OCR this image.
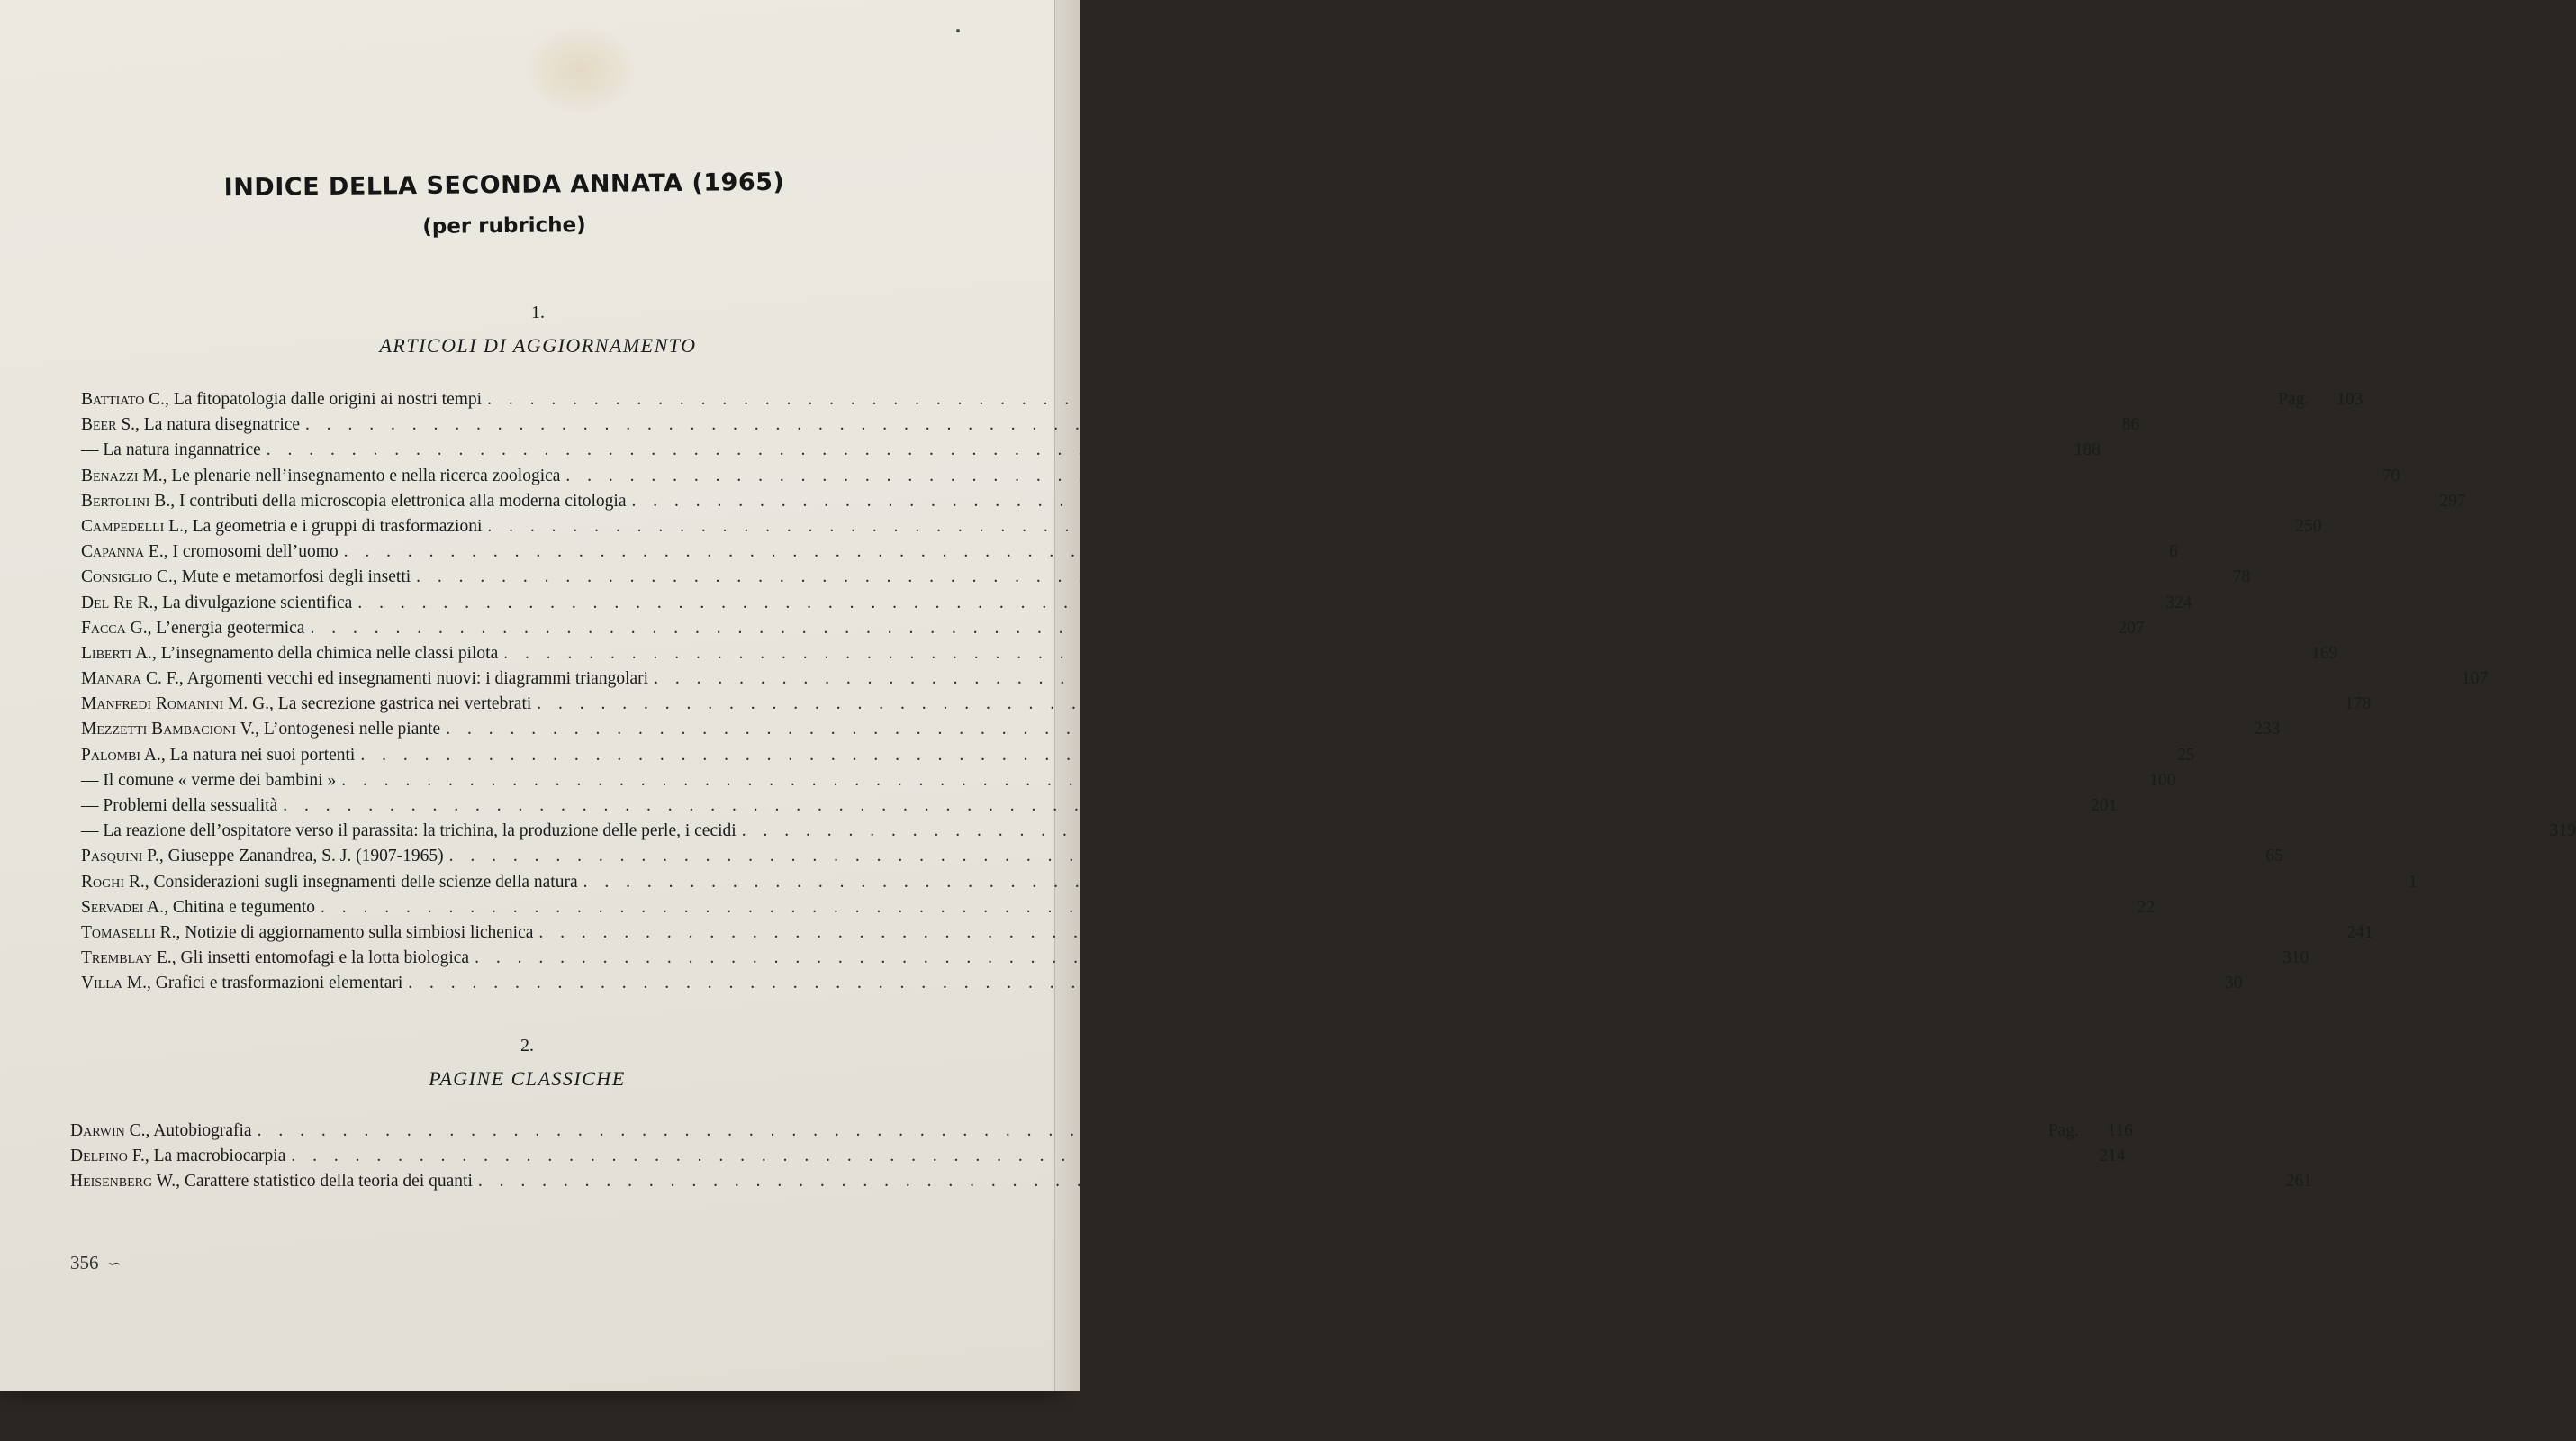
INDICE DELLA SECONDA ANNATA (1965)
(per rubriche)
1.
ARTICOLI DI AGGIORNAMENTO
Battiato C., La fitopatologia dalle origini ai nostri tempi . . .	Pag.	103
Beer S., La natura disegnatrice . . .	86
— La natura ingannatrice . . .	188
Benazzi M., Le plenarie nell’insegnamento e nella ricerca zoologica . . .	70
Bertolini B., I contributi della microscopia elettronica alla moderna citologia . . .	297
Campedelli L., La geometria e i gruppi di trasformazioni . . .	250
Capanna E., I cromosomi dell’uomo . . .	6
Consiglio C., Mute e metamorfosi degli insetti . . .	78
Del Re R., La divulgazione scientifica . . .	324
Facca G., L’energia geotermica . . .	207
Liberti A., L’insegnamento della chimica nelle classi pilota . . .	169
Manara C. F., Argomenti vecchi ed insegnamenti nuovi: i diagrammi triangolari . . .	107
Manfredi Romanini M. G., La secrezione gastrica nei vertebrati . . .	178
Mezzetti Bambacioni V., L’ontogenesi nelle piante . . .	233
Palombi A., La natura nei suoi portenti . . .	25
— Il comune « verme dei bambini » . . .	100
— Problemi della sessualità . . .	201
— La reazione dell’ospitatore verso il parassita: la trichina, la produzione delle perle, i cecidi . . .	319
Pasquini P., Giuseppe Zanandrea, S. J. (1907-1965) . . .	65
Roghi R., Considerazioni sugli insegnamenti delle scienze della natura . . .	1
Servadei A., Chitina e tegumento . . .	22
Tomaselli R., Notizie di aggiornamento sulla simbiosi lichenica . . .	241
Tremblay E., Gli insetti entomofagi e la lotta biologica . . .	310
Villa M., Grafici e trasformazioni elementari . . .	30
2.
PAGINE CLASSICHE
Darwin C., Autobiografia . . .	Pag.	116
Delpino F., La macrobiocarpia . . .	214
Heisenberg W., Carattere statistico della teoria dei quanti . . .	261
356 ∽
